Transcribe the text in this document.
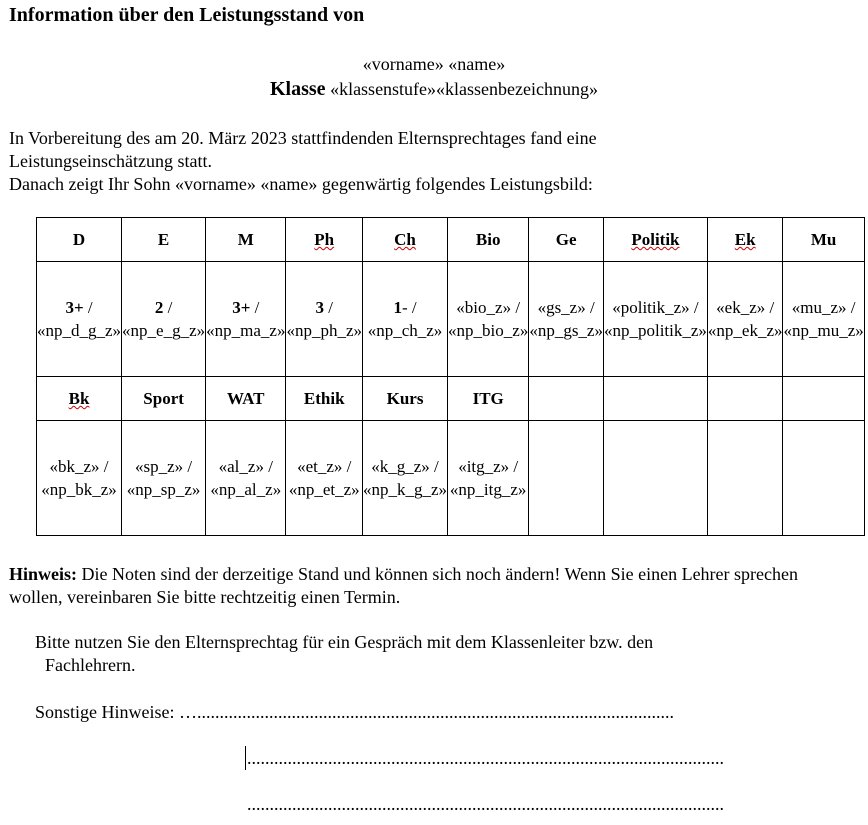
Information über den Leistungsstand von
«vorname» «name»
Klasse «klassenstufe»«klassenbezeichnung»
In Vorbereitung des am 20. März 2023 stattfindenden Elternsprechtages fand eine
Leistungseinschätzung statt.
Danach zeigt Ihr Sohn «vorname» «name» gegenwärtig folgendes Leistungsbild:
D	E	M	Ph	Ch	Bio	Ge	Politik	Ek	Mu
3+ / «np_d_g_z»	2 / «np_e_g_z»	3+ / «np_ma_z»	3 / «np_ph_z»	1- / «np_ch_z»	«bio_z» / «np_bio_z»	«gs_z» / «np_gs_z»	«politik_z» / «np_politik_z»	«ek_z» / «np_ek_z»	«mu_z» / «np_mu_z»
Bk	Sport	WAT	Ethik	Kurs	ITG				
«bk_z» / «np_bk_z»	«sp_z» / «np_sp_z»	«al_z» / «np_al_z»	«et_z» / «np_et_z»	«k_g_z» / «np_k_g_z»	«itg_z» / «np_itg_z»				
Hinweis: Die Noten sind der derzeitige Stand und können sich noch ändern! Wenn Sie einen Lehrer sprechen wollen, vereinbaren Sie bitte rechtzeitig einen Termin.
Bitte nutzen Sie den Elternsprechtag für ein Gespräch mit dem Klassenleiter bzw. den
Fachlehrern.
Sonstige Hinweise: …..........................................................................................................
..........................................................................................................
..........................................................................................................
